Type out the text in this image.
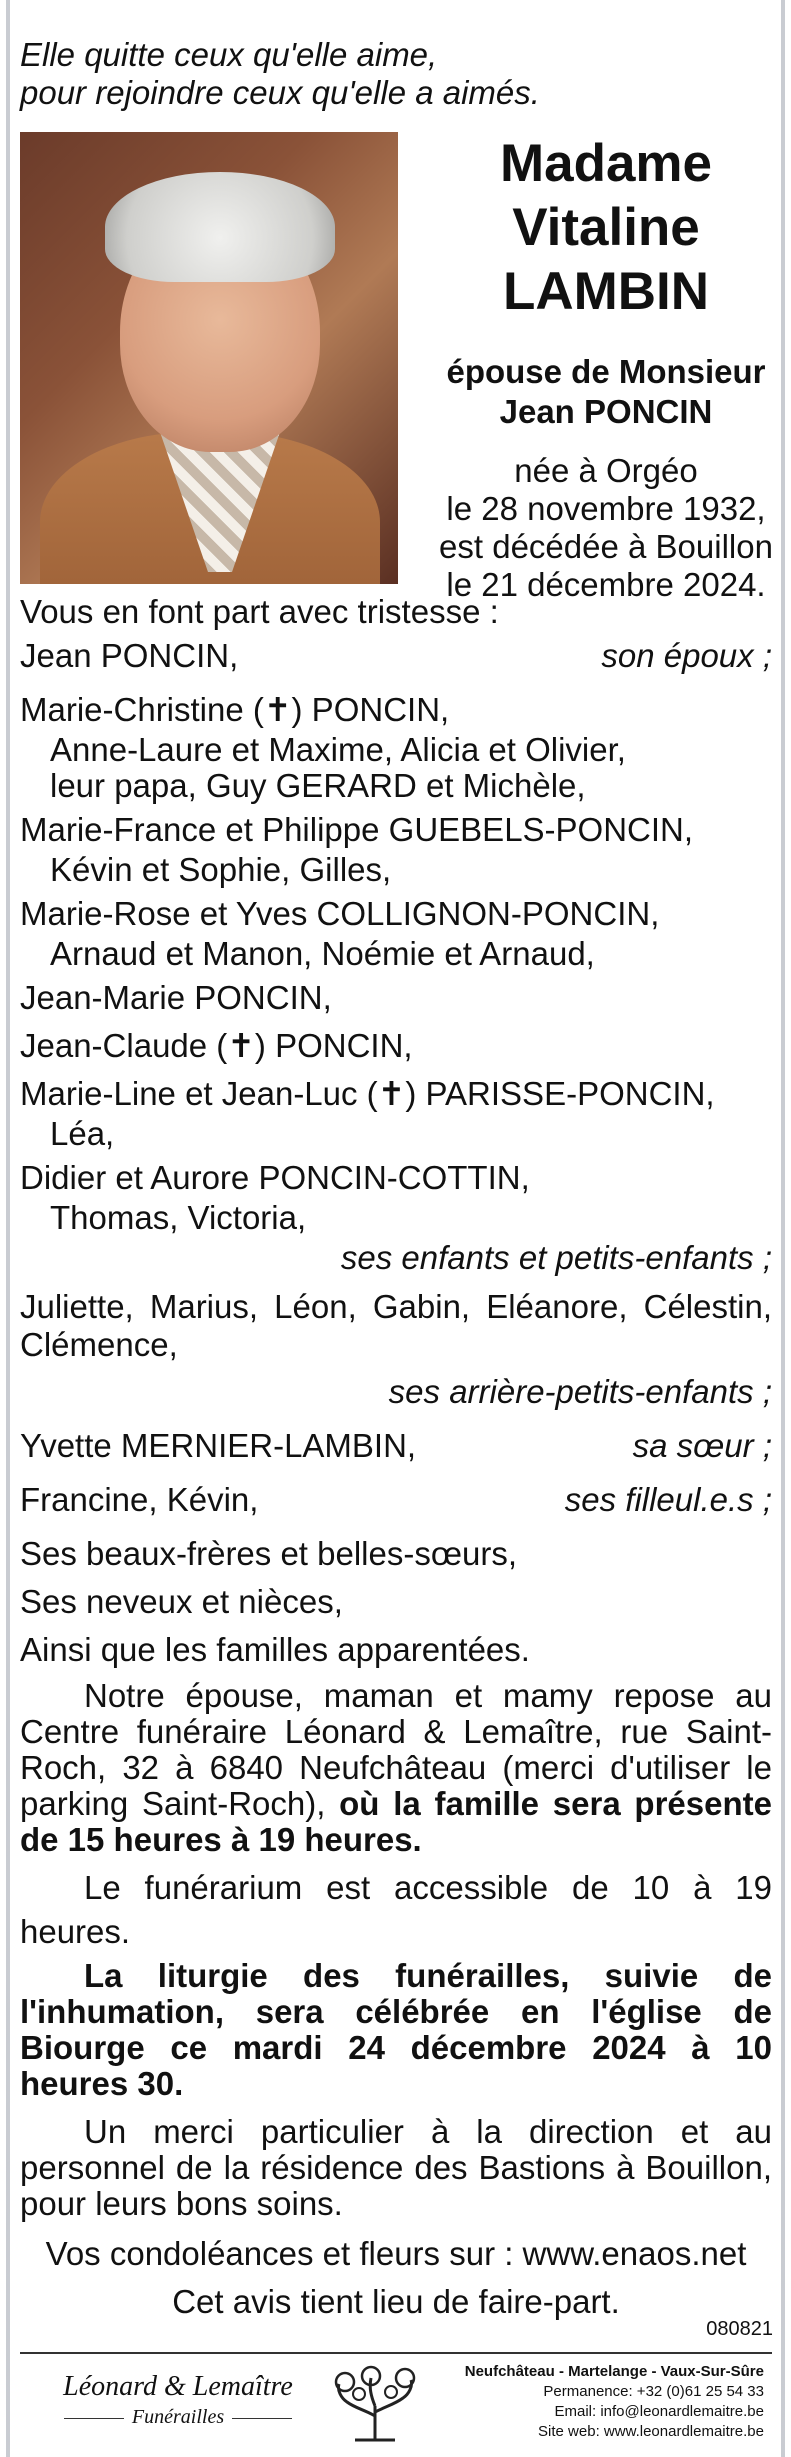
Elle quitte ceux qu'elle aime,
pour rejoindre ceux qu'elle a aimés.
Madame
Vitaline
LAMBIN
épouse de Monsieur
Jean PONCIN
née à Orgéo
le 28 novembre 1932,
est décédée à Bouillon
le 21 décembre 2024.
Vous en font part avec tristesse :
Jean PONCIN,	son époux ;
Marie-Christine (✝) PONCIN,
Anne-Laure et Maxime, Alicia et Olivier,
leur papa, Guy GERARD et Michèle,
Marie-France et Philippe GUEBELS-PONCIN,
Kévin et Sophie, Gilles,
Marie-Rose et Yves COLLIGNON-PONCIN,
Arnaud et Manon, Noémie et Arnaud,
Jean-Marie PONCIN,
Jean-Claude (✝) PONCIN,
Marie-Line et Jean-Luc (✝) PARISSE-PONCIN,
Léa,
Didier et Aurore PONCIN-COTTIN,
Thomas, Victoria,
ses enfants et petits-enfants ;
Juliette, Marius, Léon, Gabin, Eléanore, Célestin, Clémence,
ses arrière-petits-enfants ;
Yvette MERNIER-LAMBIN,	sa sœur ;
Francine, Kévin,	ses filleul.e.s ;
Ses beaux-frères et belles-sœurs,
Ses neveux et nièces,
Ainsi que les familles apparentées.

Notre épouse, maman et mamy repose au Centre funéraire Léonard & Lemaître, rue Saint-Roch, 32 à 6840 Neufchâteau (merci d'utiliser le parking Saint-Roch), où la famille sera présente de 15 heures à 19 heures.

Le funérarium est accessible de 10 à 19 heures.

La liturgie des funérailles, suivie de l'inhumation, sera célébrée en l'église de Biourge ce mardi 24 décembre 2024 à 10 heures 30.

Un merci particulier à la direction et au personnel de la résidence des Bastions à Bouillon, pour leurs bons soins.

Vos condoléances et fleurs sur : www.enaos.net
Cet avis tient lieu de faire-part.
080821
Léonard & Lemaître
Funérailles
Neufchâteau - Martelange - Vaux-Sur-Sûre
Permanence: +32 (0)61 25 54 33
Email: info@leonardlemaitre.be
Site web: www.leonardlemaitre.be
